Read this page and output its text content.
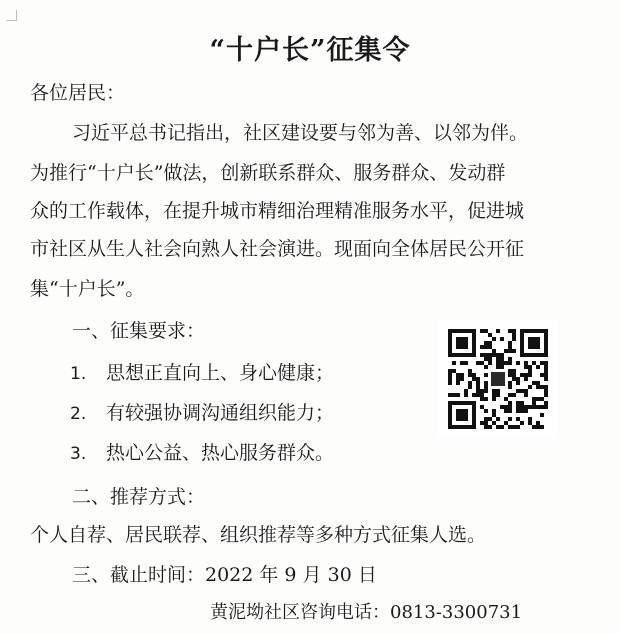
“十户长”征集令
各位居民：
习近平总书记指出，社区建设要与邻为善、以邻为伴。
为推行“十户长”做法，创新联系群众、服务群众、发动群
众的工作载体，在提升城市精细治理精准服务水平，促进城
市社区从生人社会向熟人社会演进。现面向全体居民公开征
集“十户长”。
一、征集要求：
1. 思想正直向上、身心健康；
2. 有较强协调沟通组织能力；
3. 热心公益、热心服务群众。
二、推荐方式：
个人自荐、居民联荐、组织推荐等多种方式征集人选。
三、截止时间：2022 年 9 月 30 日
黄泥坳社区咨询电话：0813-3300731
